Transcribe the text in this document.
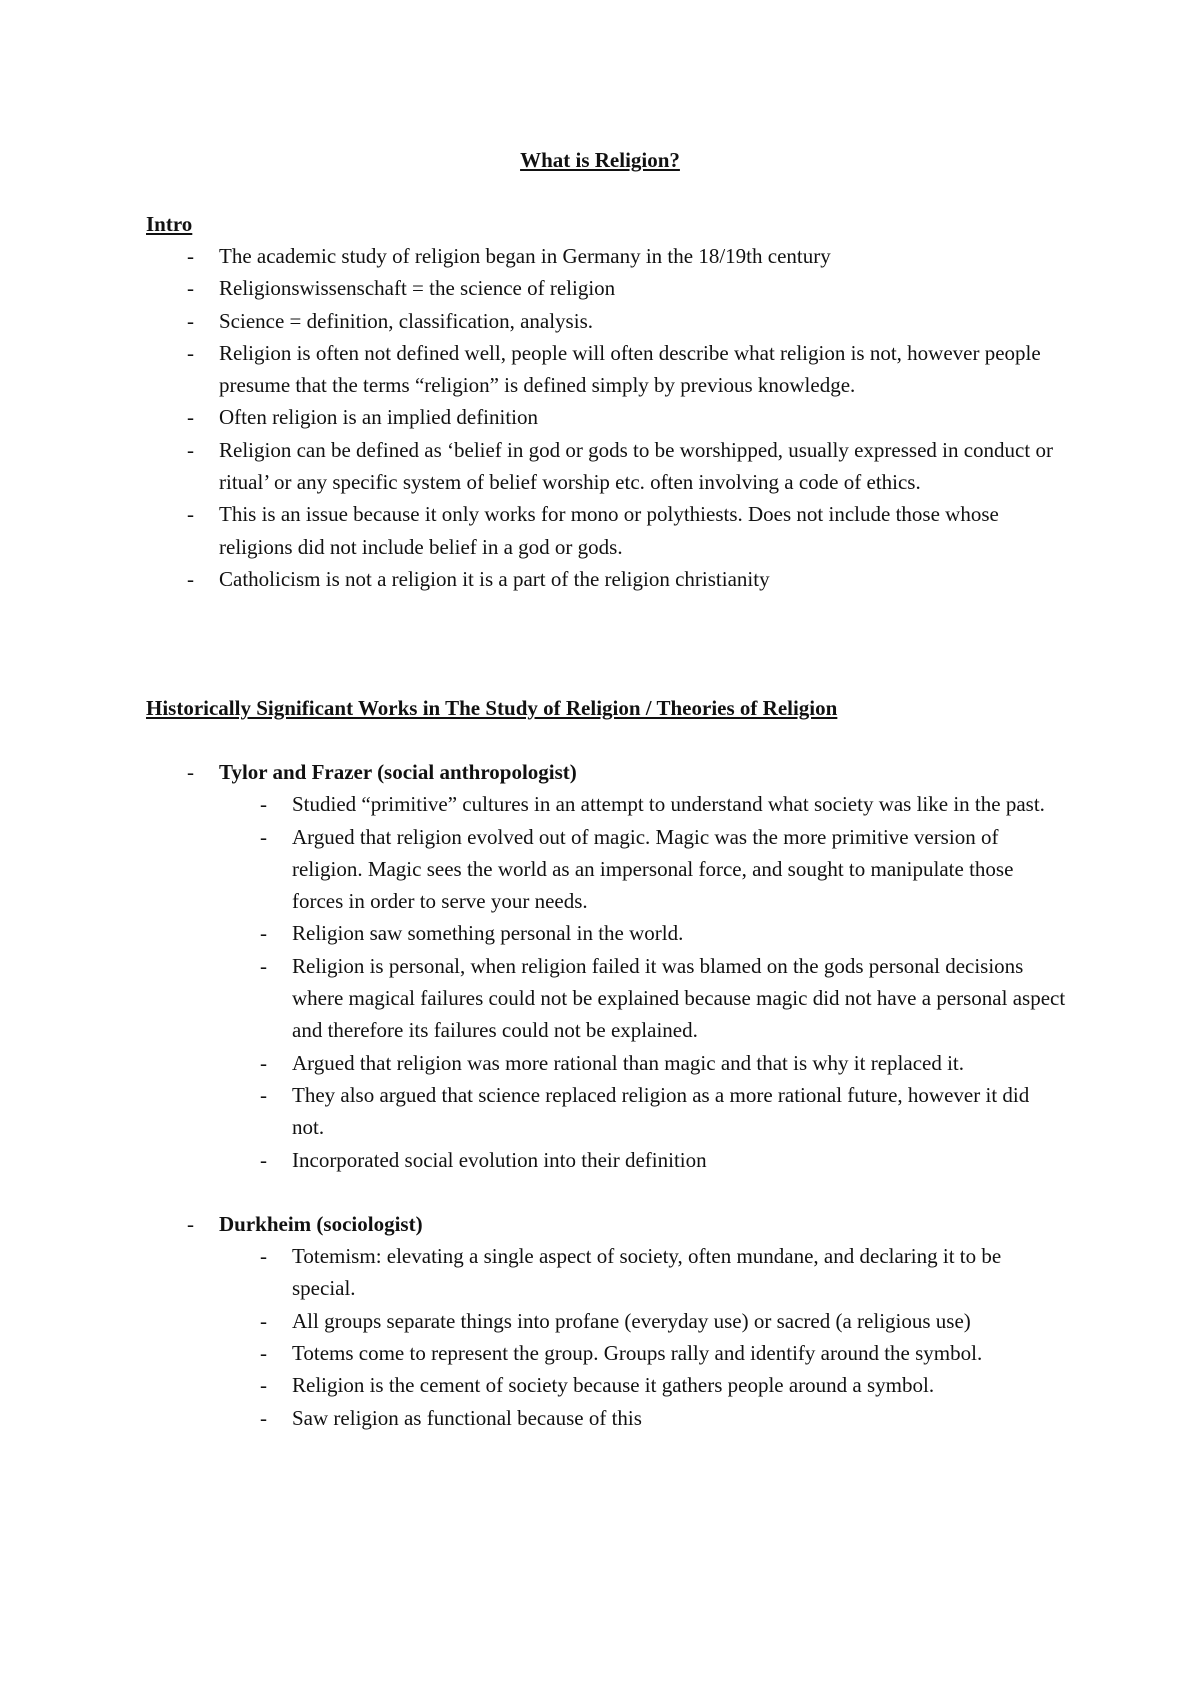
What is Religion?
Intro
- The academic study of religion began in Germany in the 18/19th century
- Religionswissenschaft = the science of religion
- Science = definition, classification, analysis.
- Religion is often not defined well, people will often describe what religion is not, however people presume that the terms “religion” is defined simply by previous knowledge.
- Often religion is an implied definition
- Religion can be defined as ‘belief in god or gods to be worshipped, usually expressed in conduct or ritual’ or any specific system of belief worship etc. often involving a code of ethics.
- This is an issue because it only works for mono or polythiests. Does not include those whose religions did not include belief in a god or gods.
- Catholicism is not a religion it is a part of the religion christianity
Historically Significant Works in The Study of Religion / Theories of Religion
- Tylor and Frazer (social anthropologist)
- Studied “primitive” cultures in an attempt to understand what society was like in the past.
- Argued that religion evolved out of magic. Magic was the more primitive version of religion. Magic sees the world as an impersonal force, and sought to manipulate those forces in order to serve your needs.
- Religion saw something personal in the world.
- Religion is personal, when religion failed it was blamed on the gods personal decisions where magical failures could not be explained because magic did not have a personal aspect and therefore its failures could not be explained.
- Argued that religion was more rational than magic and that is why it replaced it.
- They also argued that science replaced religion as a more rational future, however it did not.
- Incorporated social evolution into their definition
- Durkheim (sociologist)
- Totemism: elevating a single aspect of society, often mundane, and declaring it to be special.
- All groups separate things into profane (everyday use) or sacred (a religious use)
- Totems come to represent the group. Groups rally and identify around the symbol.
- Religion is the cement of society because it gathers people around a symbol.
- Saw religion as functional because of this
